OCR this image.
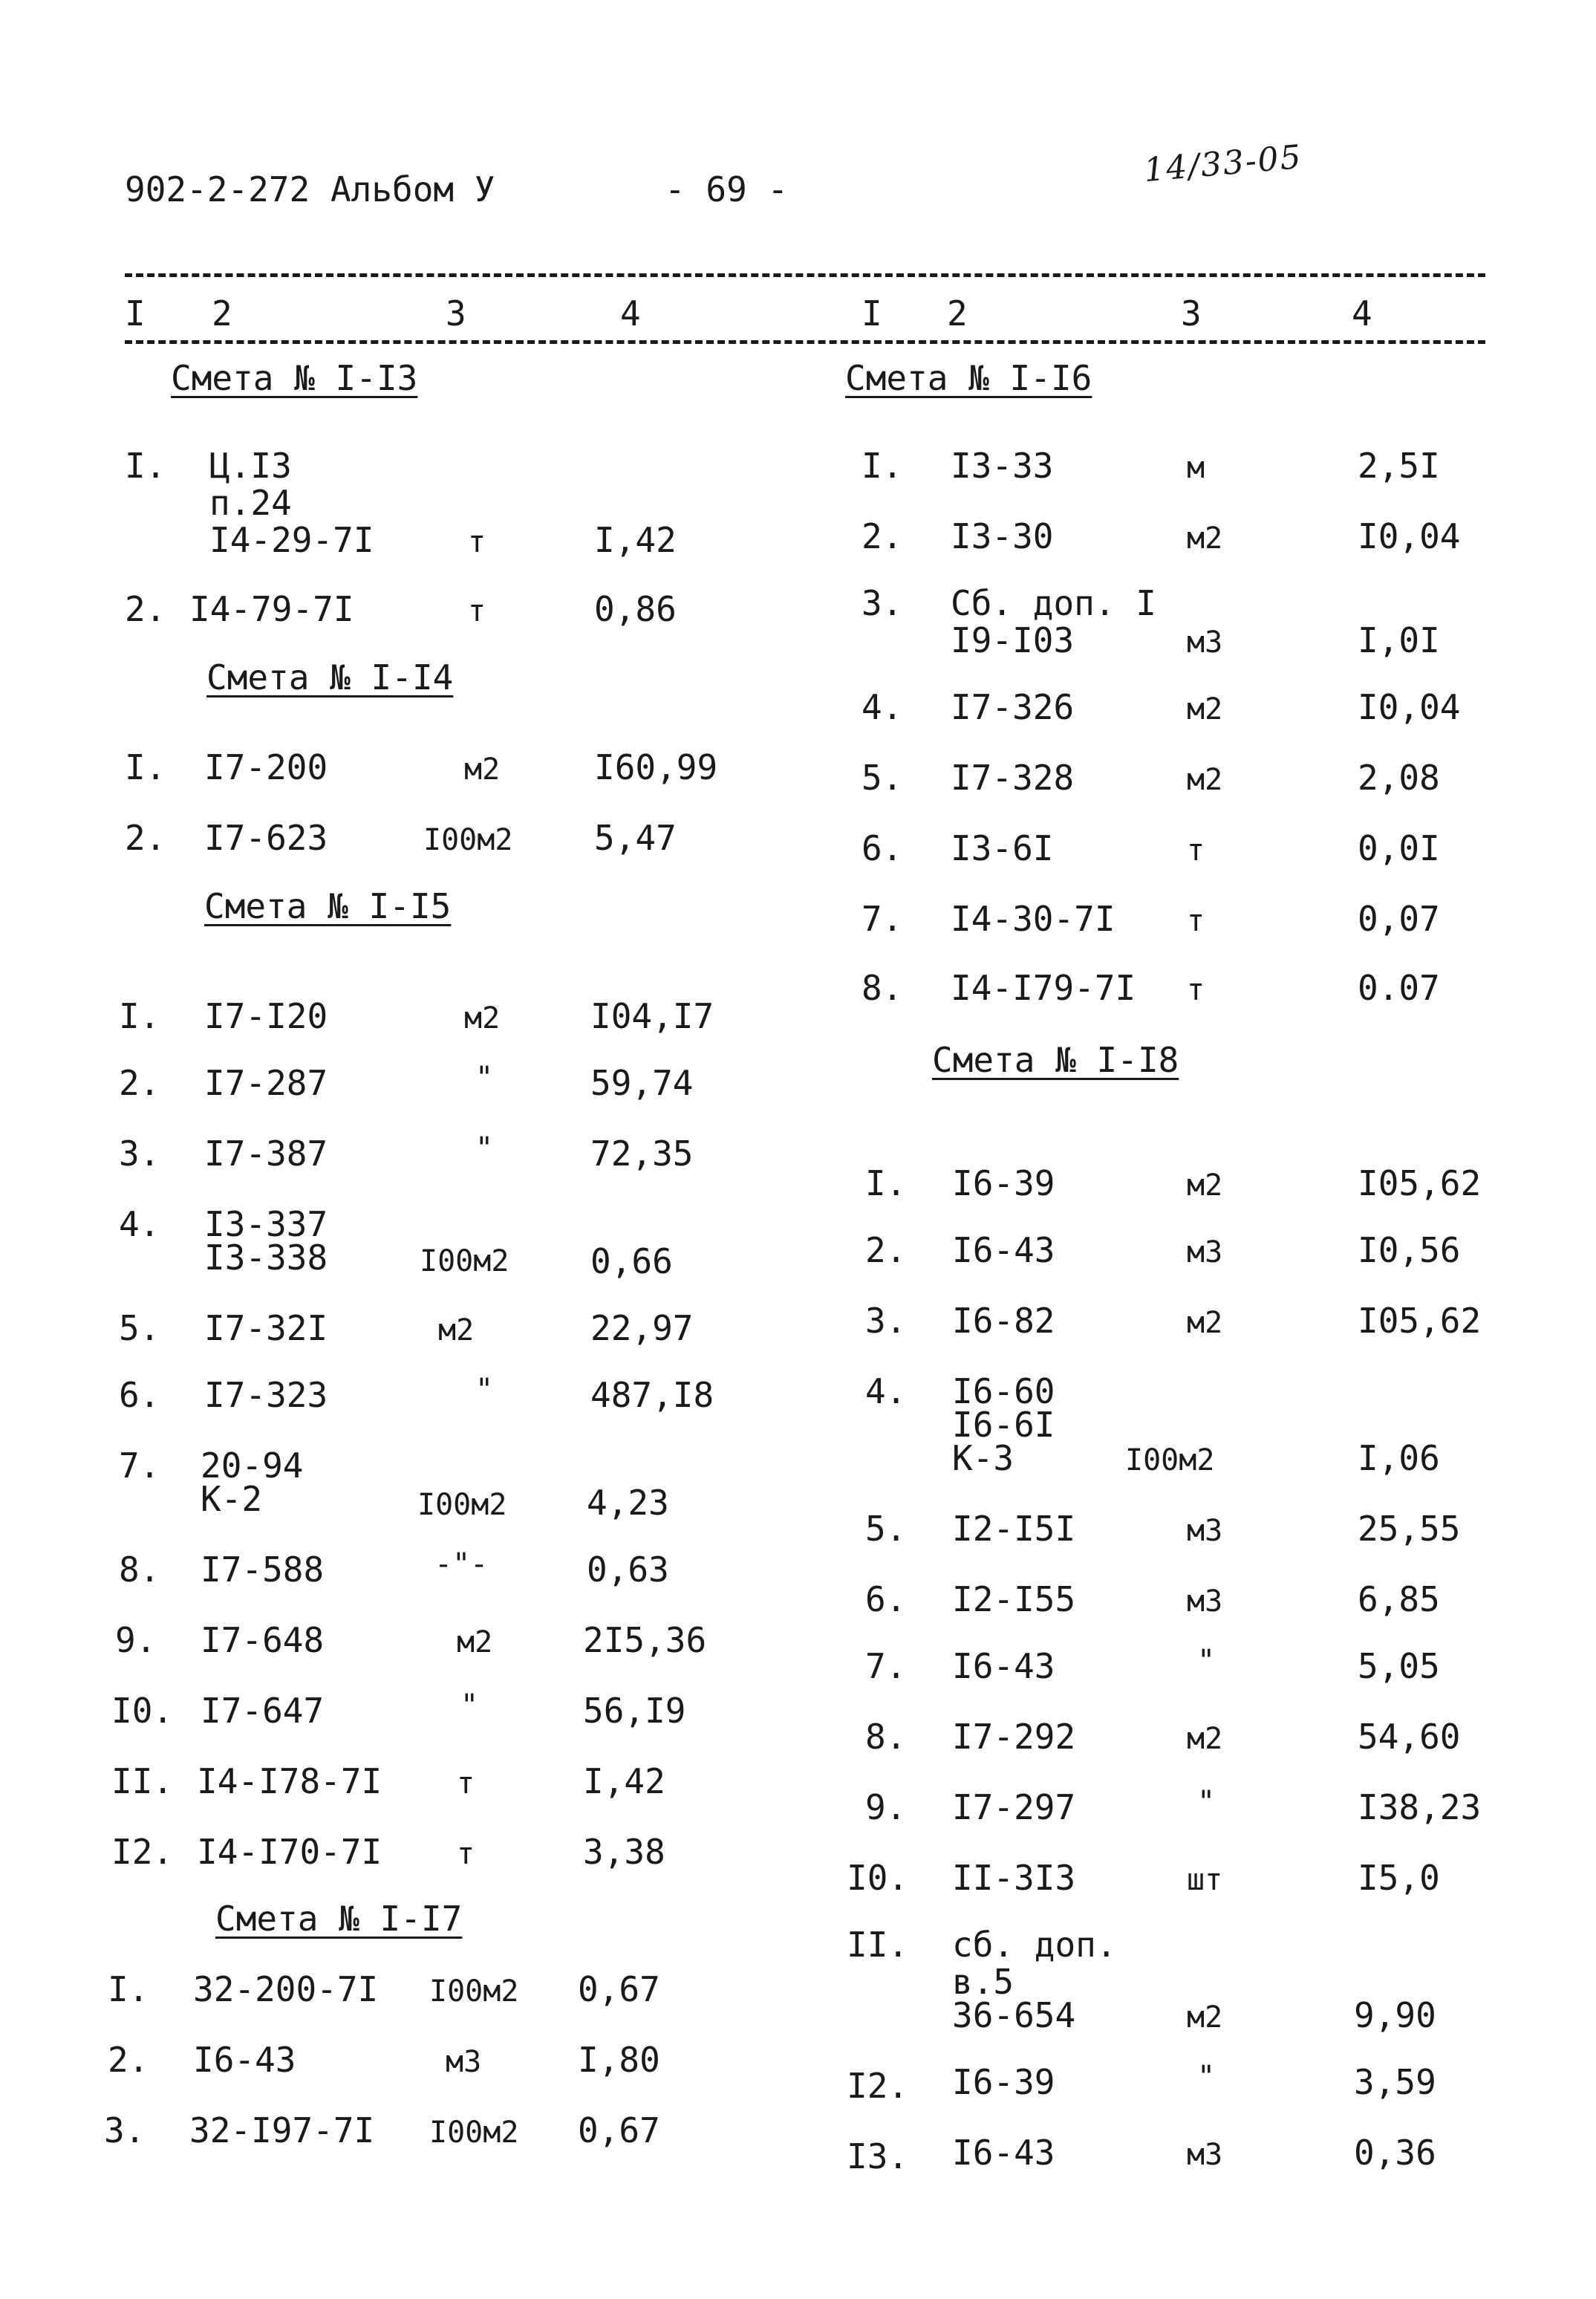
902-2-272 Альбом У	- 69 -	14/33-05
I 2	3	4	I 2	3	4
Смета № I-I3
I. Ц.I3
п.24
I4-29-7I	т	I,42
2. I4-79-7I	т	0,86
Смета № I-I4
I. I7-200	м2	I60,99
2. I7-623	I00м2 5,47
Смета № I-I5
I. I7-I20	м2	I04,I7
2. I7-287	"	59,74
3. I7-387	"	72,35
4. I3-337
I3-338	I00м2 0,66
5. I7-32I	м2	22,97
6. I7-323	"	487,I8
7. 20-94
К-2	I00м2 4,23
8. I7-588	-"-	0,63
9. I7-648	м2	2I5,36
I0. I7-647	"	56,I9
II. I4-I78-7I	т	I,42
I2. I4-I70-7I	т	3,38
Смета № I-I7
I. 32-200-7I I00м2 0,67
2. I6-43	м3	I,80
3. 32-I97-7I I00м2 0,67
Смета № I-I6
I. I3-33	м	2,5I
2. I3-30	м2	I0,04
3. Сб. доп. I
I9-I03	м3	I,0I
4. I7-326	м2	I0,04
5. I7-328	м2	2,08
6. I3-6I	т	0,0I
7. I4-30-7I т	0,07
8. I4-I79-7I т	0.07
Смета № I-I8
I. I6-39	м2	I05,62
2. I6-43	м3	I0,56
3. I6-82	м2	I05,62
4. I6-60
I6-6I
К-3	I00м2	I,06
5. I2-I5I	м3	25,55
6. I2-I55	м3	6,85
7. I6-43	"	5,05
8. I7-292	м2	54,60
9. I7-297	"	I38,23
I0. II-3I3	шт	I5,0
II. сб. доп.
в.5
36-654	м2	9,90
I2. I6-39	"	3,59
I3. I6-43	м3	0,36
